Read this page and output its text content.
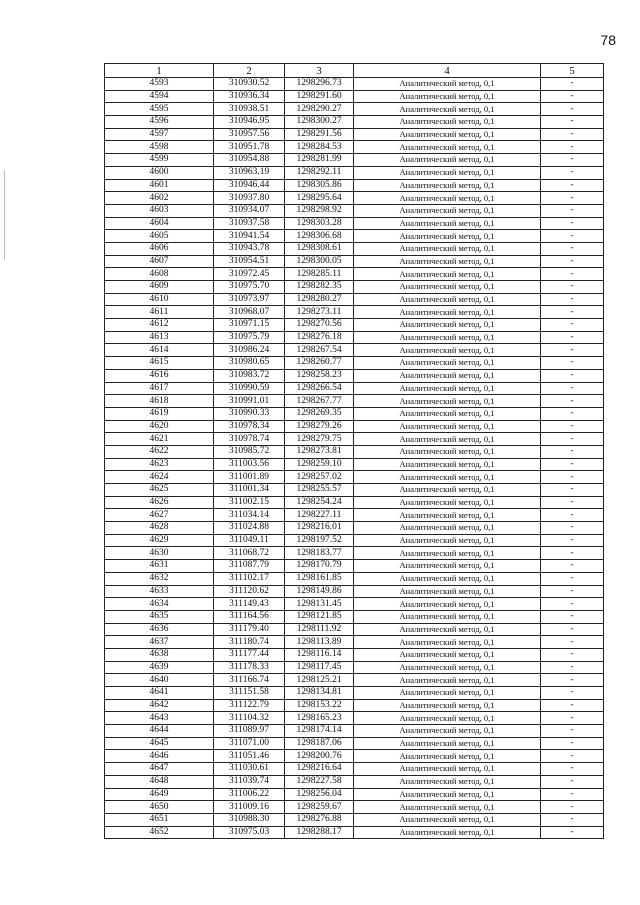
78
1	2	3	4	5
4593	310930.52	1298296.73	Аналитический метод, 0,1	-
4594	310936.34	1298291.60	Аналитический метод, 0,1	-
4595	310938.51	1298290.27	Аналитический метод, 0,1	-
4596	310946.95	1298300.27	Аналитический метод, 0,1	-
4597	310957.56	1298291.56	Аналитический метод, 0,1	-
4598	310951.78	1298284.53	Аналитический метод, 0,1	-
4599	310954.88	1298281.99	Аналитический метод, 0,1	-
4600	310963.19	1298292.11	Аналитический метод, 0,1	-
4601	310946.44	1298305.86	Аналитический метод, 0,1	-
4602	310937.80	1298295.64	Аналитический метод, 0,1	-
4603	310934.07	1298298.92	Аналитический метод, 0,1	-
4604	310937.58	1298303.28	Аналитический метод, 0,1	-
4605	310941.54	1298306.68	Аналитический метод, 0,1	-
4606	310943.78	1298308.61	Аналитический метод, 0,1	-
4607	310954.51	1298300.05	Аналитический метод, 0,1	-
4608	310972.45	1298285.11	Аналитический метод, 0,1	-
4609	310975.70	1298282.35	Аналитический метод, 0,1	-
4610	310973.97	1298280.27	Аналитический метод, 0,1	-
4611	310968.07	1298273.11	Аналитический метод, 0,1	-
4612	310971.15	1298270.56	Аналитический метод, 0,1	-
4613	310975.79	1298276.18	Аналитический метод, 0,1	-
4614	310986.24	1298267.54	Аналитический метод, 0,1	-
4615	310980.65	1298260.77	Аналитический метод, 0,1	-
4616	310983.72	1298258.23	Аналитический метод, 0,1	-
4617	310990.59	1298266.54	Аналитический метод, 0,1	-
4618	310991.01	1298267.77	Аналитический метод, 0,1	-
4619	310990.33	1298269.35	Аналитический метод, 0,1	-
4620	310978.34	1298279.26	Аналитический метод, 0,1	-
4621	310978.74	1298279.75	Аналитический метод, 0,1	-
4622	310985.72	1298273.81	Аналитический метод, 0,1	-
4623	311003.56	1298259.10	Аналитический метод, 0,1	-
4624	311001.89	1298257.02	Аналитический метод, 0,1	-
4625	311001.34	1298255.57	Аналитический метод, 0,1	-
4626	311002.15	1298254.24	Аналитический метод, 0,1	-
4627	311034.14	1298227.11	Аналитический метод, 0,1	-
4628	311024.88	1298216.01	Аналитический метод, 0,1	-
4629	311049.11	1298197.52	Аналитический метод, 0,1	-
4630	311068.72	1298183.77	Аналитический метод, 0,1	-
4631	311087.79	1298170.79	Аналитический метод, 0,1	-
4632	311102.17	1298161.85	Аналитический метод, 0,1	-
4633	311120.62	1298149.86	Аналитический метод, 0,1	-
4634	311149.43	1298131.45	Аналитический метод, 0,1	-
4635	311164.56	1298121.85	Аналитический метод, 0,1	-
4636	311179.40	1298111.92	Аналитический метод, 0,1	-
4637	311180.74	1298113.89	Аналитический метод, 0,1	-
4638	311177.44	1298116.14	Аналитический метод, 0,1	-
4639	311178.33	1298117.45	Аналитический метод, 0,1	-
4640	311166.74	1298125.21	Аналитический метод, 0,1	-
4641	311151.58	1298134.81	Аналитический метод, 0,1	-
4642	311122.79	1298153.22	Аналитический метод, 0,1	-
4643	311104.32	1298165.23	Аналитический метод, 0,1	-
4644	311089.97	1298174.14	Аналитический метод, 0,1	-
4645	311071.00	1298187.06	Аналитический метод, 0,1	-
4646	311051.46	1298200.76	Аналитический метод, 0,1	-
4647	311030.61	1298216.64	Аналитический метод, 0,1	-
4648	311039.74	1298227.58	Аналитический метод, 0,1	-
4649	311006.22	1298256.04	Аналитический метод, 0,1	-
4650	311009.16	1298259.67	Аналитический метод, 0,1	-
4651	310988.30	1298276.88	Аналитический метод, 0,1	-
4652	310975.03	1298288.17	Аналитический метод, 0,1	-
